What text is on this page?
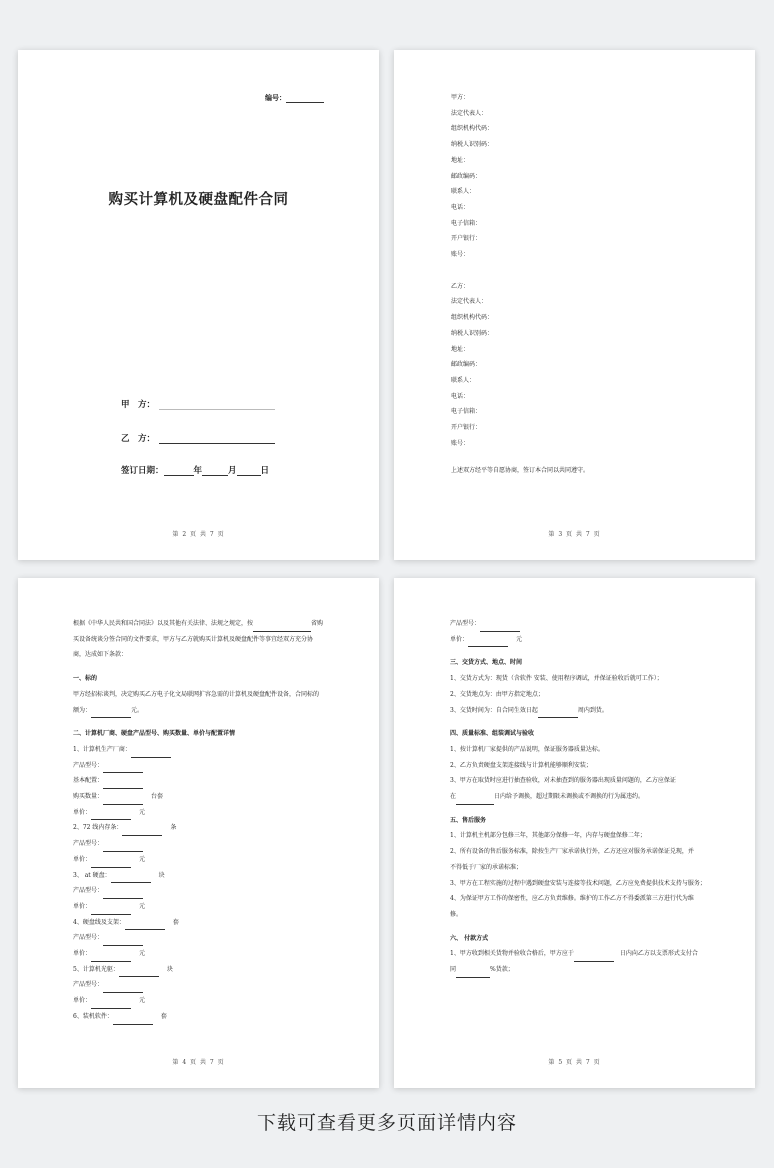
编号：
购买计算机及硬盘配件合同
甲　方：
乙　方：
签订日期：	年	月	日
第 2 页 共 7 页

甲方：
法定代表人：
组织机构代码：
纳税人识别码：
地址：
邮政编码：
联系人：
电话：
电子信箱：
开户银行：
账号：
乙方：
法定代表人：
组织机构代码：
纳税人识别码：
地址：
邮政编码：
联系人：
电话：
电子信箱：
开户银行：
账号：
上述双方经平等自愿协商，签订本合同以共同遵守。
第 3 页 共 7 页

根据《中华人民共和国合同法》以及其他有关法律、法规之规定，按	省购
买设备统谈分签合同的文件要求，甲方与乙方就购买计算机及硬盘配件等事宜经双方充分协
商，达成如下条款：
一、标的
甲方经招标谈判，决定购买乙方电子化文局联网扩容急需的计算机及硬盘配件设备，合同标的
额为：	元。
二、计算机厂商、硬盘产品型号、购买数量、单价与配置详情
1、计算机生产厂商：
产品型号：
基本配置：
购买数量：	台套
单价：	元
2、72 线内存条：	条
产品型号：
单价：	元
3、 at 硬盘：	块
产品型号：
单价：	元
4、硬盘线及支架：	套
产品型号：
单价：	元
5、计算机光驱：	块
产品型号：
单价：	元
6、装机软件：	套
第 4 页 共 7 页

产品型号：
单价：	元
三、交货方式、地点、时间
1、交货方式为：现货（含软件 安装、使用程序调试，并保证验收后就可工作）；
2、交货地点为：由甲方指定地点；
3、交货时间为：自合同生效日起	周内到货。
四、质量标准、组装调试与验收
1、按计算机厂家提供的产品说明，保证服务器质量达标。
2、乙方负责硬盘支架连接线与计算机能够顺利安装；
3、甲方在取货时应进行抽查验收，对未抽查到的服务器出现质量问题的，乙方应保证
在	日内给予调换，超过期限未调换或不调换的行为属违约。
五、售后服务
1、计算机主机部分包修三年，其他部分保修一年，内存与硬盘保修二年；
2、所有设备的售后服务标准，除按生产厂家承诺执行外，乙方还应对服务承诺保证兑现，并
不得低于厂家的承诺标准；
3、甲方在工程实施的过程中遇到硬盘安装与连接等技术问题，乙方应免费提供技术支持与服务；
4、为保证甲方工作的保密性，应乙方负责维修。维护的工作乙方不得委派第三方进行代为维
修。
六、 付款方式
1、甲方收到相关货物并验收合格后，甲方应于	日内向乙方以支票形式支付合
同	%货款；
第 5 页 共 7 页
下载可查看更多页面详情内容
